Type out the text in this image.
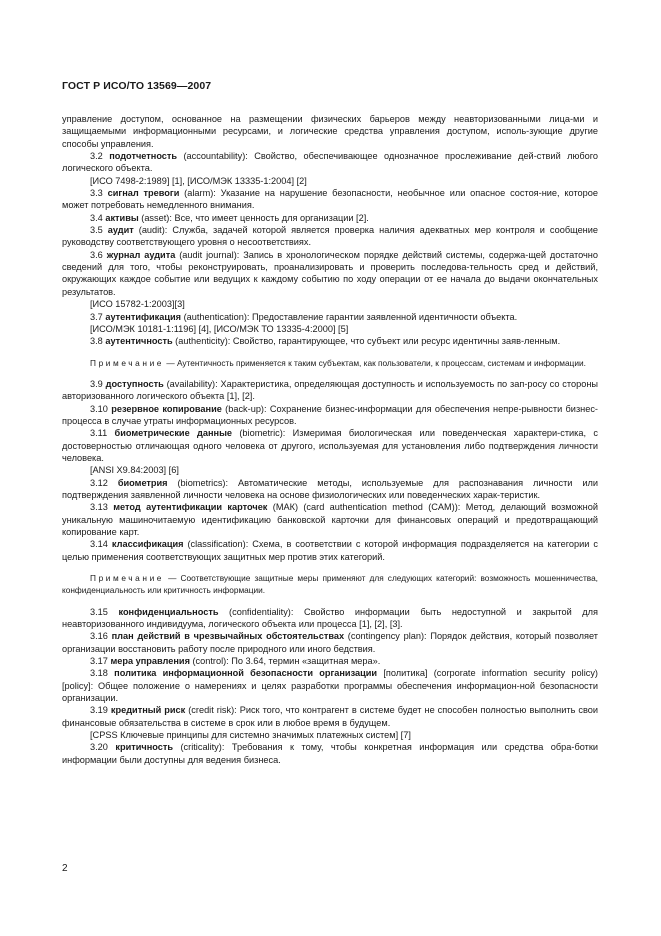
ГОСТ Р ИСО/ТО 13569—2007

управление доступом, основанное на размещении физических барьеров между неавторизованными лица-ми и защищаемыми информационными ресурсами, и логические средства управления доступом, исполь-зующие другие способы управления.

3.2 подотчетность (accountability): Свойство, обеспечивающее однозначное прослеживание дей-ствий любого логического объекта.

[ИСО 7498-2:1989] [1], [ИСО/МЭК 13335-1:2004] [2]

3.3 сигнал тревоги (alarm): Указание на нарушение безопасности, необычное или опасное состоя-ние, которое может потребовать немедленного внимания.

3.4 активы (asset): Все, что имеет ценность для организации [2].

3.5 аудит (audit): Служба, задачей которой является проверка наличия адекватных мер контроля и сообщение руководству соответствующего уровня о несоответствиях.

3.6 журнал аудита (audit journal): Запись в хронологическом порядке действий системы, содержа-щей достаточно сведений для того, чтобы реконструировать, проанализировать и проверить последова-тельность сред и действий, окружающих каждое событие или ведущих к каждому событию по ходу операции от ее начала до выдачи окончательных результатов.

[ИСО 15782-1:2003][3]

3.7 аутентификация (authentication): Предоставление гарантии заявленной идентичности объекта.

[ИСО/МЭК 10181-1:1196] [4], [ИСО/МЭК ТО 13335-4:2000] [5]

3.8 аутентичность (authenticity): Свойство, гарантирующее, что субъект или ресурс идентичны заяв-ленным.

Примечание — Аутентичность применяется к таким субъектам, как пользователи, к процессам, системам и информации.

3.9 доступность (availability): Характеристика, определяющая доступность и используемость по зап-росу со стороны авторизованного логического объекта [1], [2].

3.10 резервное копирование (back-up): Сохранение бизнес-информации для обеспечения непре-рывности бизнес-процесса в случае утраты информационных ресурсов.

3.11 биометрические данные (biometric): Измеримая биологическая или поведенческая характери-стика, с достоверностью отличающая одного человека от другого, используемая для установления либо подтверждения личности человека.

[ANSI X9.84:2003] [6]

3.12 биометрия (biometrics): Автоматические методы, используемые для распознавания личности или подтверждения заявленной личности человека на основе физиологических или поведенческих харак-теристик.

3.13 метод аутентификации карточек (МАК) (card authentication method (CAM)): Метод, делающий возможной уникальную машиночитаемую идентификацию банковской карточки для финансовых операций и предотвращающий копирование карт.

3.14 классификация (classification): Схема, в соответствии с которой информация подразделяется на категории с целью применения соответствующих защитных мер против этих категорий.

Примечание — Соответствующие защитные меры применяют для следующих категорий: возможность мошенничества, конфиденциальность или критичность информации.

3.15 конфиденциальность (confidentiality): Свойство информации быть недоступной и закрытой для неавторизованного индивидуума, логического объекта или процесса [1], [2], [3].

3.16 план действий в чрезвычайных обстоятельствах (contingency plan): Порядок действия, который позволяет организации восстановить работу после природного или иного бедствия.

3.17 мера управления (control): По 3.64, термин «защитная мера».

3.18 политика информационной безопасности организации [политика] (corporate information security policy) [policy]: Общее положение о намерениях и целях разработки программы обеспечения информацион-ной безопасности организации.

3.19 кредитный риск (credit risk): Риск того, что контрагент в системе будет не способен полностью выполнить свои финансовые обязательства в системе в срок или в любое время в будущем.

[CPSS Ключевые принципы для системно значимых платежных систем] [7]

3.20 критичность (criticality): Требования к тому, чтобы конкретная информация или средства обра-ботки информации были доступны для ведения бизнеса.

2
